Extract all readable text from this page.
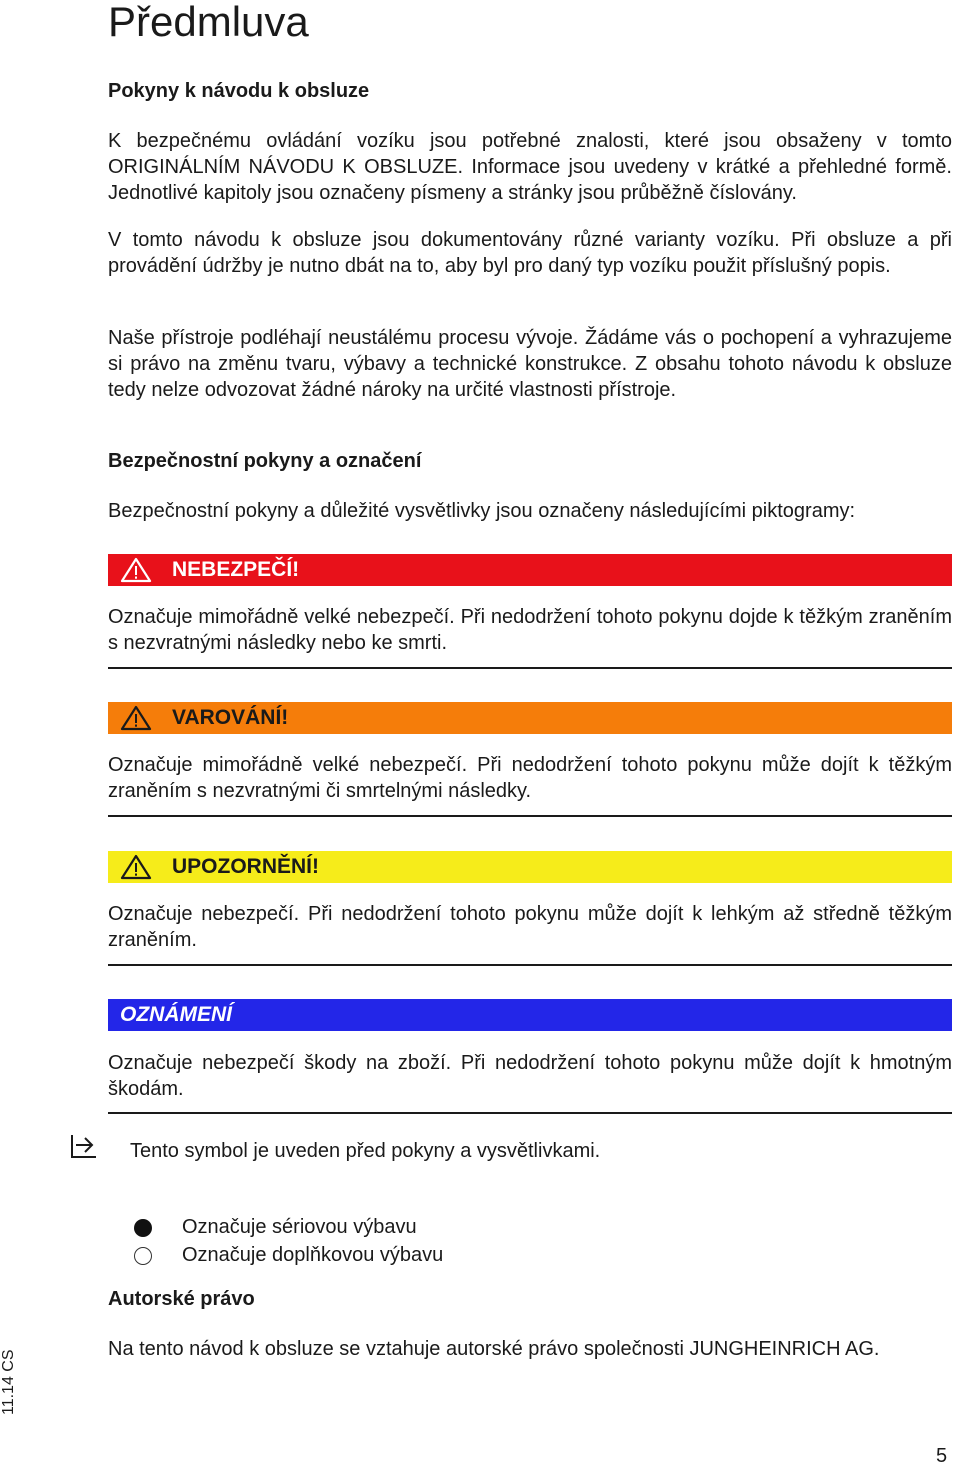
Předmluva
Pokyny k návodu k obsluze

K bezpečnému ovládání vozíku jsou potřebné znalosti, které jsou obsaženy v tomto ORIGINÁLNÍM NÁVODU K OBSLUZE. Informace jsou uvedeny v krátké a přehledné formě. Jednotlivé kapitoly jsou označeny písmeny a stránky jsou průběžně číslovány.

V tomto návodu k obsluze jsou dokumentovány různé varianty vozíku. Při obsluze a při provádění údržby je nutno dbát na to, aby byl pro daný typ vozíku použit příslušný popis.

Naše přístroje podléhají neustálému procesu vývoje. Žádáme vás o pochopení a vyhrazujeme si právo na změnu tvaru, výbavy a technické konstrukce. Z obsahu tohoto návodu k obsluze tedy nelze odvozovat žádné nároky na určité vlastnosti přístroje.

Bezpečnostní pokyny a označení

Bezpečnostní pokyny a důležité vysvětlivky jsou označeny následujícími piktogramy:

NEBEZPEČÍ!

Označuje mimořádně velké nebezpečí. Při nedodržení tohoto pokynu dojde k těžkým zraněním s nezvratnými následky nebo ke smrti.

VAROVÁNÍ!

Označuje mimořádně velké nebezpečí. Při nedodržení tohoto pokynu může dojít k těžkým zraněním s nezvratnými či smrtelnými následky.

UPOZORNĚNÍ!

Označuje nebezpečí. Při nedodržení tohoto pokynu může dojít k lehkým až středně těžkým zraněním.

OZNÁMENÍ

Označuje nebezpečí škody na zboží. Při nedodržení tohoto pokynu může dojít k hmotným škodám.

Tento symbol je uveden před pokyny a vysvětlivkami.

Označuje sériovou výbavu
Označuje doplňkovou výbavu
Autorské právo

Na tento návod k obsluze se vztahuje autorské právo společnosti JUNGHEINRICH AG.

11.14 CS
5
